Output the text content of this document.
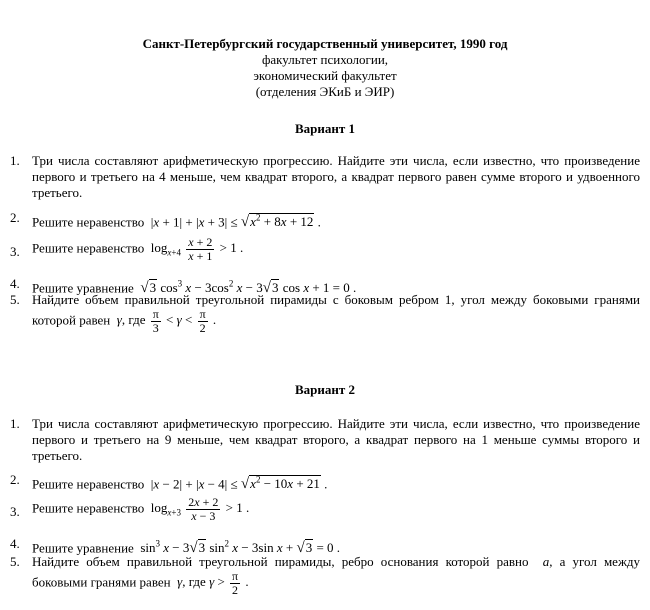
Санкт-Петербургский государственный университет, 1990 год
факультет психологии,
экономический факультет
(отделения ЭКиБ и ЭИР)
Вариант 1
1. Три числа составляют арифметическую прогрессию. Найдите эти числа, если известно, что произведение первого и третьего на 4 меньше, чем квадрат второго, а квадрат первого равен сумме второго и удвоенного третьего.
2. Решите неравенство  $|x + 1| + |x + 3| \le √x^2 + 8x + 12$ .
3. Решите неравенство  $\log_{x+4} \frac{x + 2}{x + 1} > 1$ .
4. Решите уравнение √3 $\cos^3 x - 3\cos^2$ x − 3√3 cos x + 1 = 0 .
5. Найдите объем правильной треугольной пирамиды с боковым ребром 1, угол между боковыми гранями которой равен γ, где $\frac{\pi}{3} < \gamma < \frac{\pi}{2}$ .
Вариант 2
1. Три числа составляют арифметическую прогрессию. Найдите эти числа, если известно, что произведение первого и третьего на 9 меньше, чем квадрат второго, а квадрат первого на 1 меньше суммы второго и третьего.
2. Решите неравенство  $|x - 2| + |x - 4| \le √x^2 - 10x + 21$ .
3. Решите неравенство  $\log_{x+3} \frac{2x + 2}{x - 3} > 1$ .
4. Решите уравнение  $\sin^3 x - 3√3$ $\sin^2 x - 3\sin$ x + √3 = 0 .
5. Найдите объем правильной треугольной пирамиды, ребро основания которой равно a, а угол между боковыми гранями равен γ, где $\gamma > \frac{\pi}{2}$ .
